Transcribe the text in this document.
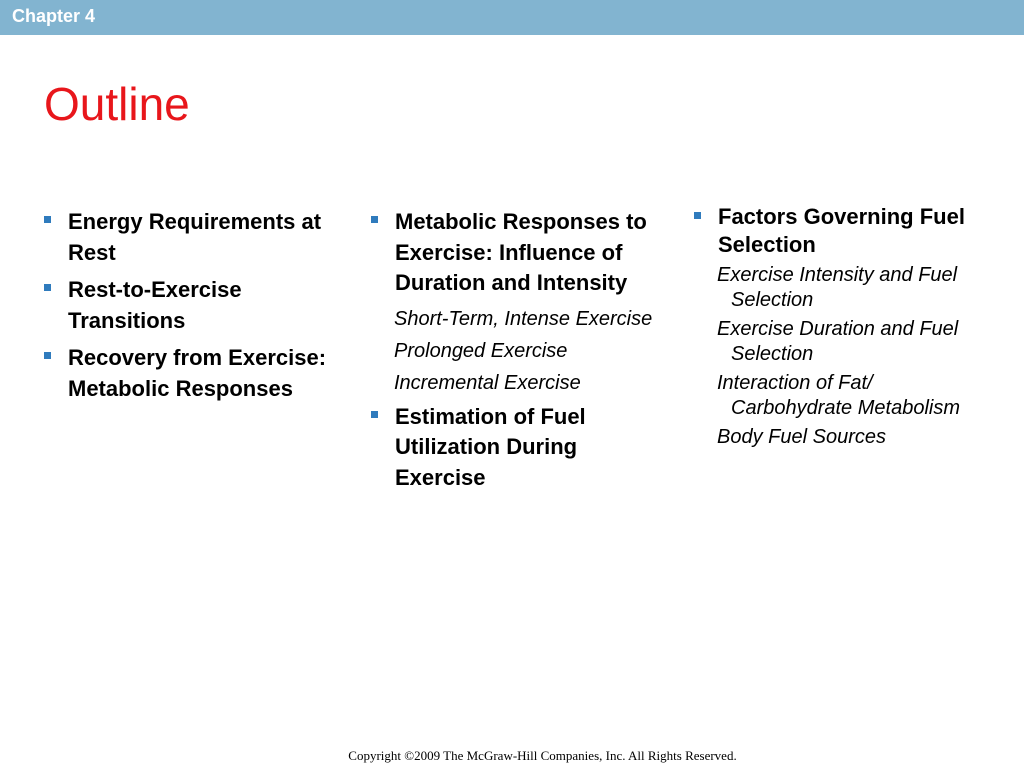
Chapter 4
Outline
Energy Requirements at Rest
Rest-to-Exercise Transitions
Recovery from Exercise: Metabolic Responses
Metabolic Responses to Exercise: Influence of Duration and Intensity
Short-Term, Intense Exercise
Prolonged Exercise
Incremental Exercise
Estimation of Fuel Utilization During Exercise
Factors Governing Fuel Selection
Exercise Intensity and Fuel Selection
Exercise Duration and Fuel Selection
Interaction of Fat/ Carbohydrate Metabolism
Body Fuel Sources
Copyright ©2009 The McGraw-Hill Companies, Inc. All Rights Reserved.
